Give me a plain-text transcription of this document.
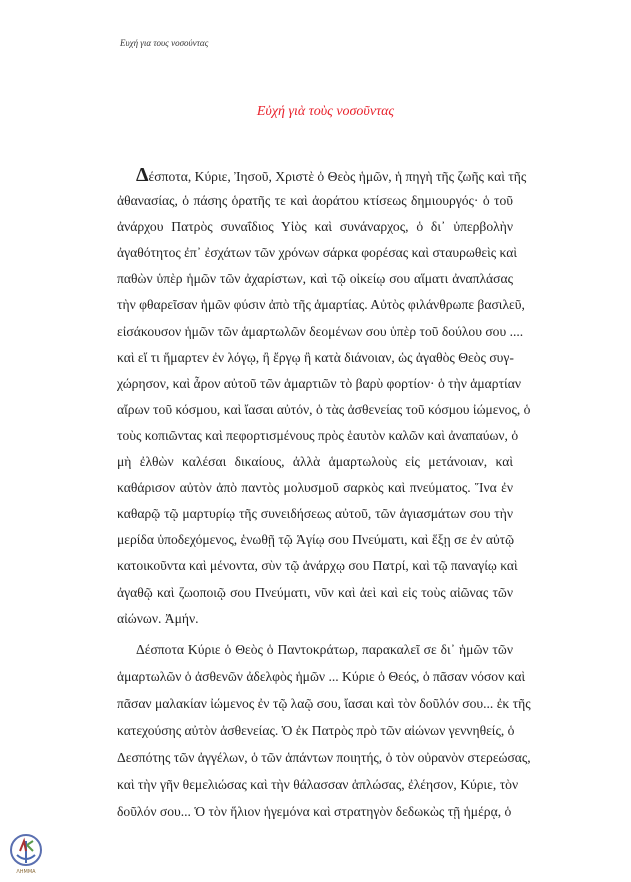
Ευχή για τους νοσούντας
Εὐχή γιὰ τοὺς νοσοῦντας
Δέσποτα, Κύριε, Ἰησοῦ, Χριστὲ ὁ Θεὸς ἡμῶν, ἡ πηγὴ τῆς ζωῆς καὶ τῆς
ἀθανασίας, ὁ πάσης ὁρατῆς τε καὶ ἀοράτου κτίσεως δημιουργός· ὁ τοῦ
ἀνάρχου Πατρὸς συναΐδιος Υἱὸς καὶ συνάναρχος, ὁ δι᾿ ὑπερβολὴν
ἀγαθότητος ἐπ᾿ ἐσχάτων τῶν χρόνων σάρκα φορέσας καὶ σταυρωθεὶς καὶ
παθὼν ὑπὲρ ἡμῶν τῶν ἀχαρίστων, καὶ τῷ οἰκείῳ σου αἵματι ἀναπλάσας
τὴν φθαρεῖσαν ἡμῶν φύσιν ἀπὸ τῆς ἁμαρτίας. Αὐτὸς φιλάνθρωπε βασιλεῦ,
εἰσάκουσον ἡμῶν τῶν ἁμαρτωλῶν δεομένων σου ὑπὲρ τοῦ δούλου σου ....
καὶ εἴ τι ἥμαρτεν ἐν λόγῳ, ἢ ἔργῳ ἢ κατὰ διάνοιαν, ὡς ἀγαθὸς Θεὸς συγ-
χώρησον, καὶ ἆρον αὐτοῦ τῶν ἁμαρτιῶν τὸ βαρὺ φορτίον· ὁ τὴν ἁμαρτίαν
αἴρων τοῦ κόσμου, καὶ ἴασαι αὐτόν, ὁ τὰς ἀσθενείας τοῦ κόσμου ἰώμενος, ὁ
τοὺς κοπιῶντας καὶ πεφορτισμένους πρὸς ἑαυτὸν καλῶν καὶ ἀναπαύων, ὁ
μὴ ἐλθὼν καλέσαι δικαίους, ἀλλὰ ἁμαρτωλοὺς εἰς μετάνοιαν, καὶ
καθάρισον αὐτὸν ἀπὸ παντὸς μολυσμοῦ σαρκὸς καὶ πνεύματος. Ἵνα ἐν
καθαρῷ τῷ μαρτυρίῳ τῆς συνειδήσεως αὐτοῦ, τῶν ἁγιασμάτων σου τὴν
μερίδα ὑποδεχόμενος, ἑνωθῇ τῷ Ἁγίῳ σου Πνεύματι, καὶ ἕξῃ σε ἐν αὐτῷ
κατοικοῦντα καὶ μένοντα, σὺν τῷ ἀνάρχῳ σου Πατρί, καὶ τῷ παναγίῳ καὶ
ἀγαθῷ καὶ ζωοποιῷ σου Πνεύματι, νῦν καὶ ἀεὶ καὶ εἰς τοὺς αἰῶνας τῶν
αἰώνων. Ἀμήν.
Δέσποτα Κύριε ὁ Θεὸς ὁ Παντοκράτωρ, παρακαλεῖ σε δι᾿ ἡμῶν τῶν
ἁμαρτωλῶν ὁ ἀσθενῶν ἀδελφὸς ἡμῶν ... Κύριε ὁ Θεός, ὁ πᾶσαν νόσον καὶ
πᾶσαν μαλακίαν ἰώμενος ἐν τῷ λαῷ σου, ἴασαι καὶ τὸν δοῦλόν σου... ἐκ τῆς
κατεχούσης αὐτὸν ἀσθενείας. Ὁ ἐκ Πατρὸς πρὸ τῶν αἰώνων γεννηθείς, ὁ
Δεσπότης τῶν ἀγγέλων, ὁ τῶν ἁπάντων ποιητής, ὁ τὸν οὐρανὸν στερεώσας,
καὶ τὴν γῆν θεμελιώσας καὶ τὴν θάλασσαν ἁπλώσας, ἐλέησον, Κύριε, τὸν
δοῦλόν σου... Ὁ τὸν ἥλιον ἡγεμόνα καὶ στρατηγὸν δεδωκὼς τῇ ἡμέρᾳ, ὁ
ΛΗΜΜΑ
